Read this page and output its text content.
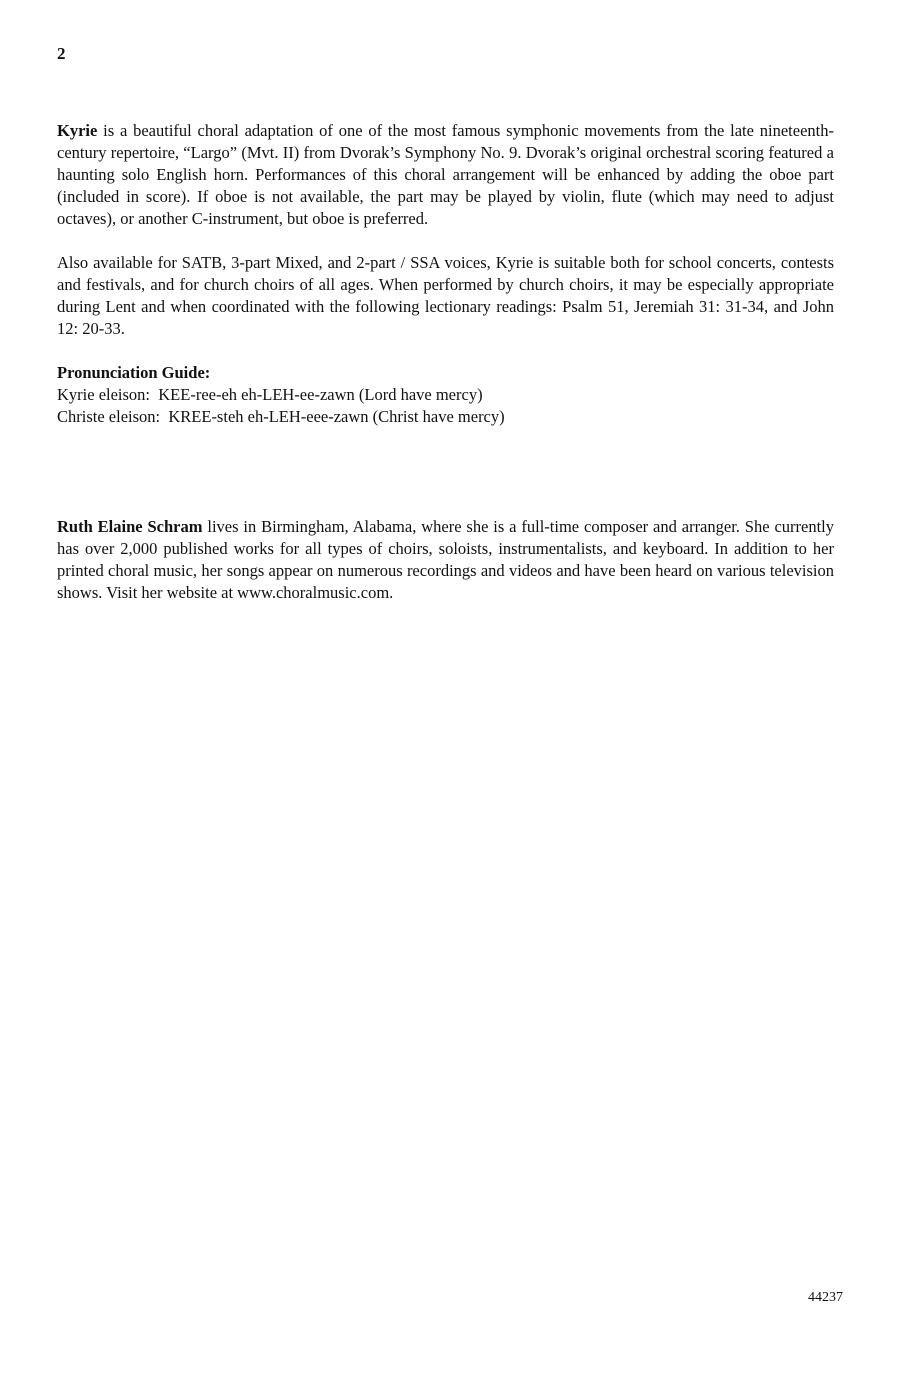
2

Kyrie is a beautiful choral adaptation of one of the most famous symphonic movements from the late nineteenth-century repertoire, “Largo” (Mvt. II) from Dvorak’s Symphony No. 9. Dvorak’s original orchestral scoring featured a haunting solo English horn. Performances of this choral arrangement will be enhanced by adding the oboe part (included in score). If oboe is not available, the part may be played by violin, flute (which may need to adjust octaves), or another C-instrument, but oboe is preferred.

Also available for SATB, 3-part Mixed, and 2-part / SSA voices, Kyrie is suitable both for school concerts, contests and festivals, and for church choirs of all ages. When performed by church choirs, it may be especially appropriate during Lent and when coordinated with the following lectionary readings: Psalm 51, Jeremiah 31: 31-34, and John 12: 20-33.

Pronunciation Guide:
Kyrie eleison:  KEE-ree-eh eh-LEH-ee-zawn (Lord have mercy)
Christe eleison:  KREE-steh eh-LEH-eee-zawn (Christ have mercy)

Ruth Elaine Schram lives in Birmingham, Alabama, where she is a full-time composer and arranger. She currently has over 2,000 published works for all types of choirs, soloists, instrumentalists, and keyboard. In addition to her printed choral music, her songs appear on numerous recordings and videos and have been heard on various television shows. Visit her website at www.choralmusic.com.

44237
